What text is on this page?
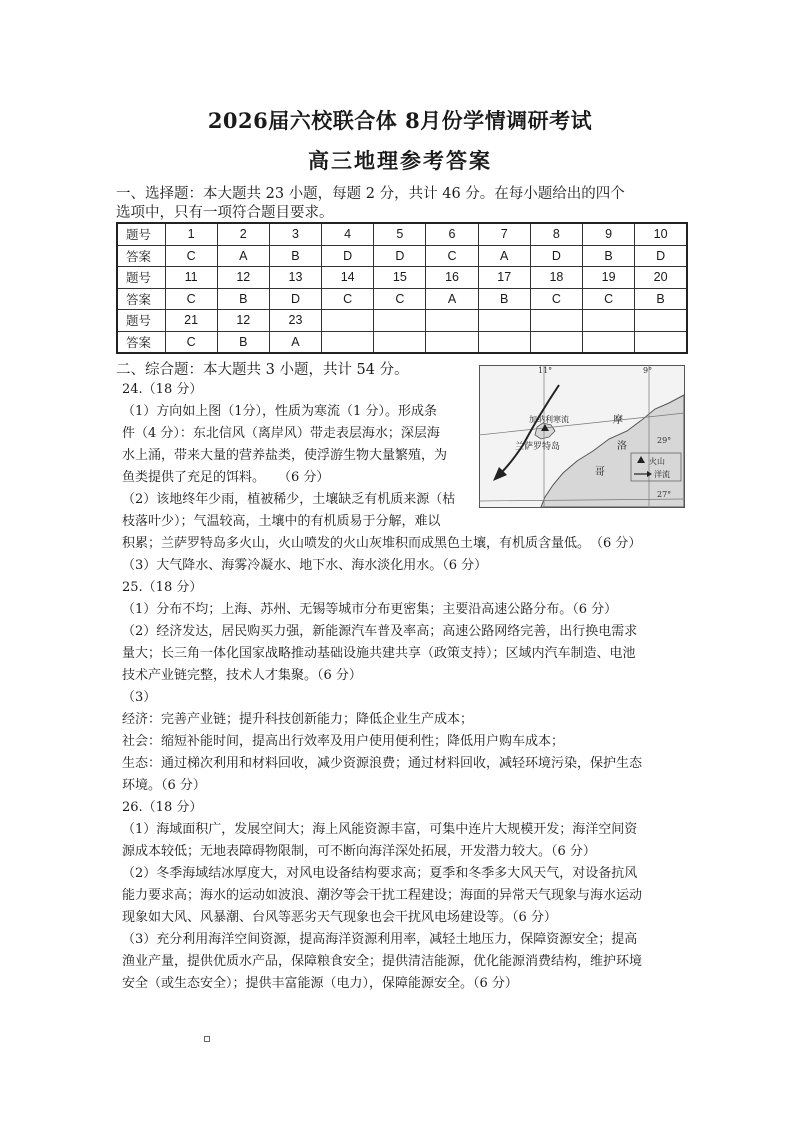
2026届六校联合体 8月份学情调研考试
高三地理参考答案
一、选择题：本大题共 23 小题，每题 2 分，共计 46 分。在每小题给出的四个
选项中，只有一项符合题目要求。
题号	1	2	3	4	5	6	7	8	9	10
答案	C	A	B	D	D	C	A	D	B	D
题号	11	12	13	14	15	16	17	18	19	20
答案	C	B	D	C	C	A	B	C	C	B
题号	21	12	23							
答案	C	B	A							
二、综合题：本大题共 3 小题，共计 54 分。	11°	9°
29°
27°
加纳利寒流
兰萨罗特岛
摩
洛
哥
火山
洋流
24.（18 分）
（1）方向如上图（1分），性质为寒流（1 分）。形成条
件（4 分）：东北信风（离岸风）带走表层海水；深层海
水上涌，带来大量的营养盐类，使浮游生物大量繁殖，为
鱼类提供了充足的饵料。　　（6 分）
（2）该地终年少雨，植被稀少，土壤缺乏有机质来源（枯
枝落叶少）；气温较高，土壤中的有机质易于分解，难以
积累；兰萨罗特岛多火山，火山喷发的火山灰堆积而成黑色土壤，有机质含量低。　（6 分）
（3）大气降水、海雾冷凝水、地下水、海水淡化用水。（6 分）
25.（18 分）
（1）分布不均；上海、苏州、无锡等城市分布更密集；主要沿高速公路分布。（6 分）
（2）经济发达，居民购买力强，新能源汽车普及率高；高速公路网络完善，出行换电需求
量大；长三角一体化国家战略推动基础设施共建共享（政策支持）；区域内汽车制造、电池
技术产业链完整，技术人才集聚。（6 分）
（3）
经济：完善产业链；提升科技创新能力；降低企业生产成本；
社会：缩短补能时间，提高出行效率及用户使用便利性；降低用户购车成本；
生态：通过梯次利用和材料回收，减少资源浪费；通过材料回收，减轻环境污染，保护生态
环境。（6 分）
26.（18 分）
（1）海域面积广，发展空间大；海上风能资源丰富，可集中连片大规模开发；海洋空间资
源成本较低；无地表障碍物限制，可不断向海洋深处拓展，开发潜力较大。（6 分）
（2）冬季海域结冰厚度大，对风电设备结构要求高；夏季和冬季多大风天气，对设备抗风
能力要求高；海水的运动如波浪、潮汐等会干扰工程建设；海面的异常天气现象与海水运动
现象如大风、风暴潮、台风等恶劣天气现象也会干扰风电场建设等。（6 分）
（3）充分利用海洋空间资源，提高海洋资源利用率，减轻土地压力，保障资源安全；提高
渔业产量，提供优质水产品，保障粮食安全；提供清洁能源，优化能源消费结构，维护环境
安全（或生态安全）；提供丰富能源（电力），保障能源安全。（6 分）
